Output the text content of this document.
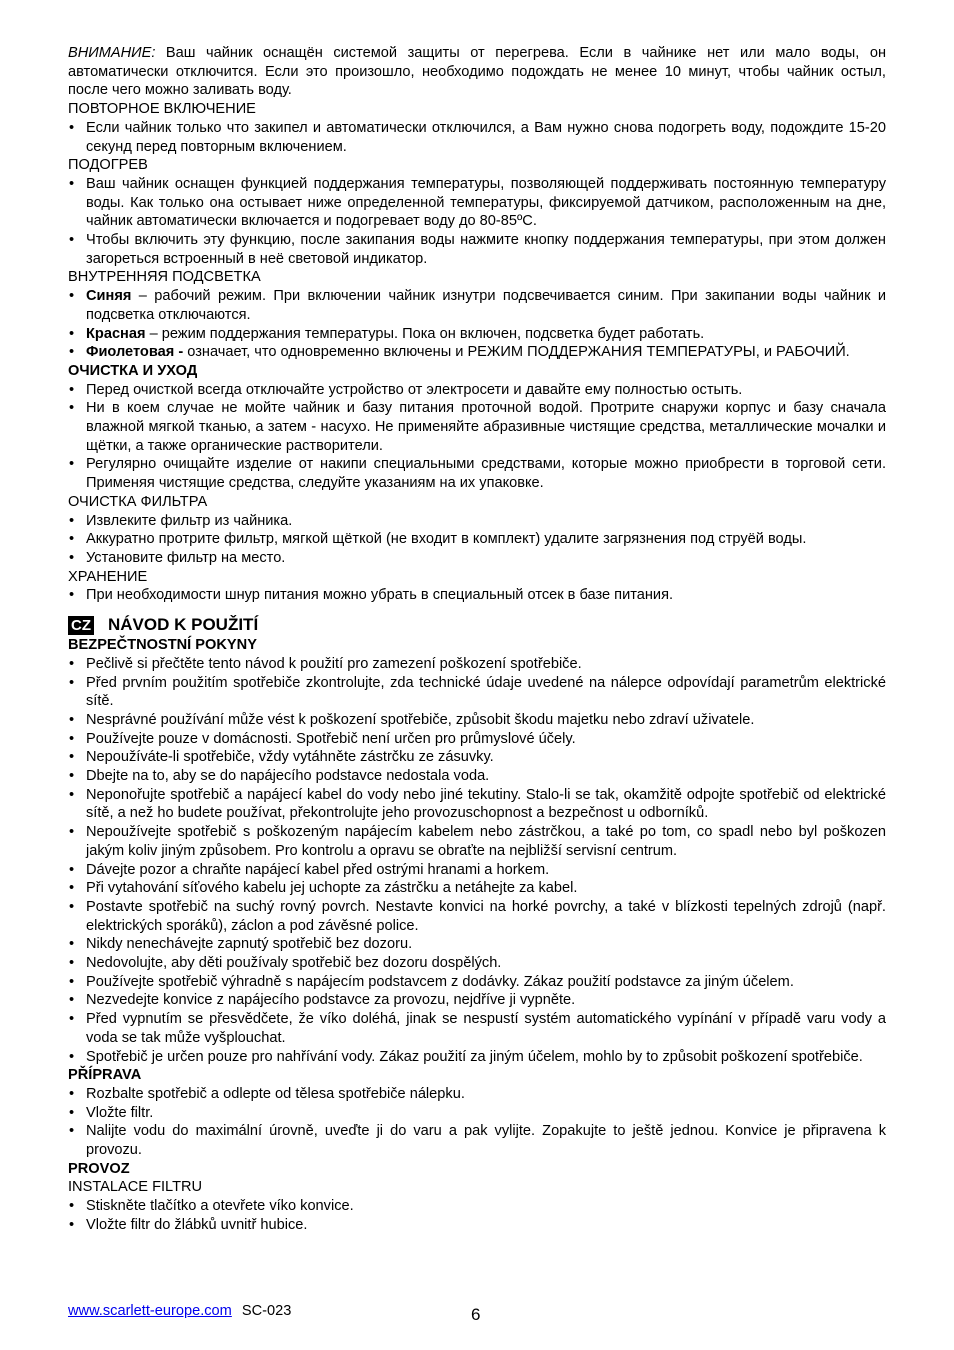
ВНИМАНИЕ: Ваш чайник оснащён системой защиты от перегрева. Если в чайнике нет или мало воды, он автоматически отключится. Если это произошло, необходимо подождать не менее 10 минут, чтобы чайник остыл, после чего можно заливать воду.

ПОВТОРНОЕ ВКЛЮЧЕНИЕ

• Если чайник только что закипел и автоматически отключился, а Вам нужно снова подогреть воду, подождите 15-20 секунд перед повторным включением.

ПОДОГРЕВ

• Ваш чайник оснащен функцией поддержания температуры, позволяющей поддерживать постоянную температуру воды. Как только она остывает ниже определенной температуры, фиксируемой датчиком, расположенным на дне, чайник автоматически включается и подогревает воду до 80-85ºС.
• Чтобы включить эту функцию, после закипания воды нажмите кнопку поддержания температуры, при этом должен загореться встроенный в неё световой индикатор.

ВНУТРЕННЯЯ ПОДСВЕТКА

• Синяя – рабочий режим. При включении чайник изнутри подсвечивается синим. При закипании воды чайник и подсветка отключаются.
• Красная – режим поддержания температуры. Пока он включен, подсветка будет работать.
• Фиолетовая - означает, что одновременно включены и РЕЖИМ ПОДДЕРЖАНИЯ ТЕМПЕРАТУРЫ, и РАБОЧИЙ.

ОЧИСТКА И УХОД

• Перед очисткой всегда отключайте устройство от электросети и давайте ему полностью остыть.
• Ни в коем случае не мойте чайник и базу питания проточной водой. Протрите снаружи корпус и базу сначала влажной мягкой тканью, а затем - насухо. Не применяйте абразивные чистящие средства, металлические мочалки и щётки, а также органические растворители.
• Регулярно очищайте изделие от накипи специальными средствами, которые можно приобрести в торговой сети. Применяя чистящие средства, следуйте указаниям на их упаковке.

ОЧИСТКА ФИЛЬТРА

• Извлеките фильтр из чайника.
• Аккуратно протрите фильтр, мягкой щёткой (не входит в комплект) удалите загрязнения под струёй воды.
• Установите фильтр на место.

ХРАНЕНИЕ

• При необходимости шнур питания можно убрать в специальный отсек в базе питания.
CZ NÁVOD K POUŽITÍ

BEZPEČTNOSTNÍ POKYNY

• Pečlivě si přečtěte tento návod k použití pro zamezení poškození spotřebiče.
• Před prvním použitím spotřebiče zkontrolujte, zda technické údaje uvedené na nálepce odpovídají parametrům elektrické sítě.
• Nesprávné používání může vést k poškození spotřebiče, způsobit škodu majetku nebo zdraví uživatele.
• Používejte pouze v domácnosti. Spotřebič není určen pro průmyslové účely.
• Nepoužíváte-li spotřebiče, vždy vytáhněte zástrčku ze zásuvky.
• Dbejte na to, aby se do napájecího podstavce nedostala voda.
• Neponořujte spotřebič a napájecí kabel do vody nebo jiné tekutiny. Stalo-li se tak, okamžitě odpojte spotřebič od elektrické sítě, a než ho budete používat, překontrolujte jeho provozuschopnost a bezpečnost u odborníků.
• Nepoužívejte spotřebič s poškozeným napájecím kabelem nebo zástrčkou, a také po tom, co spadl nebo byl poškozen jakým koliv jiným způsobem. Pro kontrolu a opravu se obraťte na nejbližší servisní centrum.
• Dávejte pozor a chraňte napájecí kabel před ostrými hranami a horkem.
• Při vytahování síťového kabelu jej uchopte za zástrčku a netáhejte za kabel.
• Postavte spotřebič na suchý rovný povrch. Nestavte konvici na horké povrchy, a také v blízkosti tepelných zdrojů (např. elektrických sporáků), záclon a pod závěsné police.
• Nikdy nenechávejte zapnutý spotřebič bez dozoru.
• Nedovolujte, aby děti používaly spotřebič bez dozoru dospělých.
• Používejte spotřebič výhradně s napájecím podstavcem z dodávky. Zákaz použití podstavce za jiným účelem.
• Nezvedejte konvice z napájecího podstavce za provozu, nejdříve ji vypněte.
• Před vypnutím se přesvědčete, že víko doléhá, jinak se nespustí systém automatického vypínání v případě varu vody a voda se tak může vyšplouchat.
• Spotřebič je určen pouze pro nahřívání vody. Zákaz použití za jiným účelem, mohlo by to způsobit poškození spotřebiče.

PŘÍPRAVA

• Rozbalte spotřebič a odlepte od tělesa spotřebiče nálepku.
• Vložte filtr.
• Nalijte vodu do maximální úrovně, uveďte ji do varu a pak vylijte. Zopakujte to ještě jednou. Konvice je připravena k provozu.

PROVOZ

INSTALACE FILTRU

• Stiskněte tlačítko a otevřete víko konvice.
• Vložte filtr do žlábků uvnitř hubice.
www.scarlett-europe.com SC-023	6
